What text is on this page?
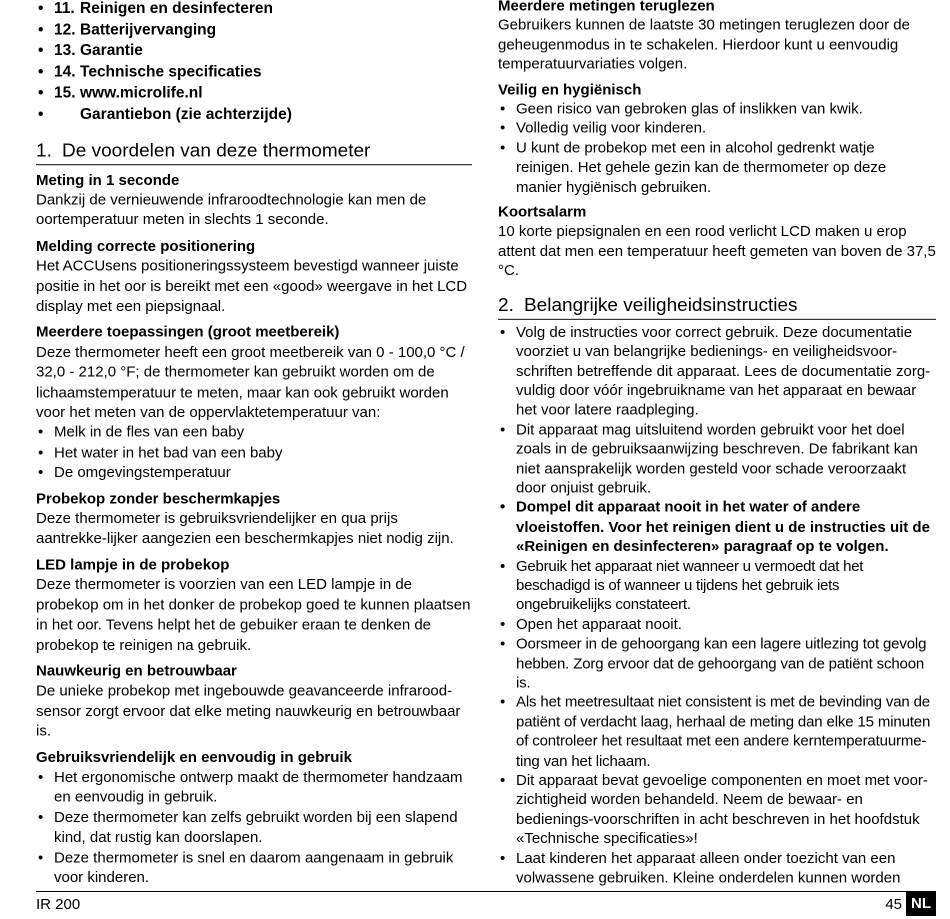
• 11. Reinigen en desinfecteren
• 12. Batterijvervanging
• 13. Garantie
• 14. Technische specificaties
• 15. www.microlife.nl
• Garantiebon (zie achterzijde)
1. De voordelen van deze thermometer
Meting in 1 seconde

Dankzij de vernieuwende infraroodtechnologie kan men de oortemperatuur meten in slechts 1 seconde.

Melding correcte positionering

Het ACCUsens positioneringssysteem bevestigd wanneer juiste positie in het oor is bereikt met een «good» weergave in het LCD display met een piepsignaal.

Meerdere toepassingen (groot meetbereik)

Deze thermometer heeft een groot meetbereik van 0 - 100,0 °C / 32,0 - 212,0 °F; de thermometer kan gebruikt worden om de lichaamstemperatuur te meten, maar kan ook gebruikt worden voor het meten van de oppervlaktetemperatuur van:

• Melk in de fles van een baby
• Het water in het bad van een baby
• De omgevingstemperatuur
Probekop zonder beschermkapjes

Deze thermometer is gebruiksvriendelijker en qua prijs aantrekke-lijker aangezien een beschermkapjes niet nodig zijn.

LED lampje in de probekop

Deze thermometer is voorzien van een LED lampje in de probekop om in het donker de probekop goed te kunnen plaatsen in het oor. Tevens helpt het de gebuiker eraan te denken de probekop te reinigen na gebruik.

Nauwkeurig en betrouwbaar

De unieke probekop met ingebouwde geavanceerde infrarood-sensor zorgt ervoor dat elke meting nauwkeurig en betrouwbaar is.

Gebruiksvriendelijk en eenvoudig in gebruik
• Het ergonomische ontwerp maakt de thermometer handzaam en eenvoudig in gebruik.
• Deze thermometer kan zelfs gebruikt worden bij een slapend kind, dat rustig kan doorslapen.
• Deze thermometer is snel en daarom aangenaam in gebruik voor kinderen.
Meerdere metingen teruglezen

Gebruikers kunnen de laatste 30 metingen teruglezen door de geheugenmodus in te schakelen. Hierdoor kunt u eenvoudig temperatuurvariaties volgen.

Veilig en hygiënisch
• Geen risico van gebroken glas of inslikken van kwik.
• Volledig veilig voor kinderen.
• U kunt de probekop met een in alcohol gedrenkt watje reinigen. Het gehele gezin kan de thermometer op deze manier hygiënisch gebruiken.
Koortsalarm

10 korte piepsignalen en een rood verlicht LCD maken u erop attent dat men een temperatuur heeft gemeten van boven de 37,5 °C.

2. Belangrijke veiligheidsinstructies
• Volg de instructies voor correct gebruik. Deze documentatie voorziet u van belangrijke bedienings- en veiligheidsvoor-schriften betreffende dit apparaat. Lees de documentatie zorg-vuldig door vóór ingebruikname van het apparaat en bewaar het voor latere raadpleging.
• Dit apparaat mag uitsluitend worden gebruikt voor het doel zoals in de gebruiksaanwijzing beschreven. De fabrikant kan niet aansprakelijk worden gesteld voor schade veroorzaakt door onjuist gebruik.
• Dompel dit apparaat nooit in het water of andere vloeistoffen. Voor het reinigen dient u de instructies uit de «Reinigen en desinfecteren» paragraaf op te volgen.
• Gebruik het apparaat niet wanneer u vermoedt dat het beschadigd is of wanneer u tijdens het gebruik iets ongebruikelijks constateert.
• Open het apparaat nooit.
• Oorsmeer in de gehoorgang kan een lagere uitlezing tot gevolg hebben. Zorg ervoor dat de gehoorgang van de patiënt schoon is.
• Als het meetresultaat niet consistent is met de bevinding van de patiënt of verdacht laag, herhaal de meting dan elke 15 minuten of controleer het resultaat met een andere kerntemperatuurme-ting van het lichaam.
• Dit apparaat bevat gevoelige componenten en moet met voor-zichtigheid worden behandeld. Neem de bewaar- en bedienings-voorschriften in acht beschreven in het hoofdstuk «Technische specificaties»!
• Laat kinderen het apparaat alleen onder toezicht van een volwassene gebruiken. Kleine onderdelen kunnen worden
IR 200	45 NL
